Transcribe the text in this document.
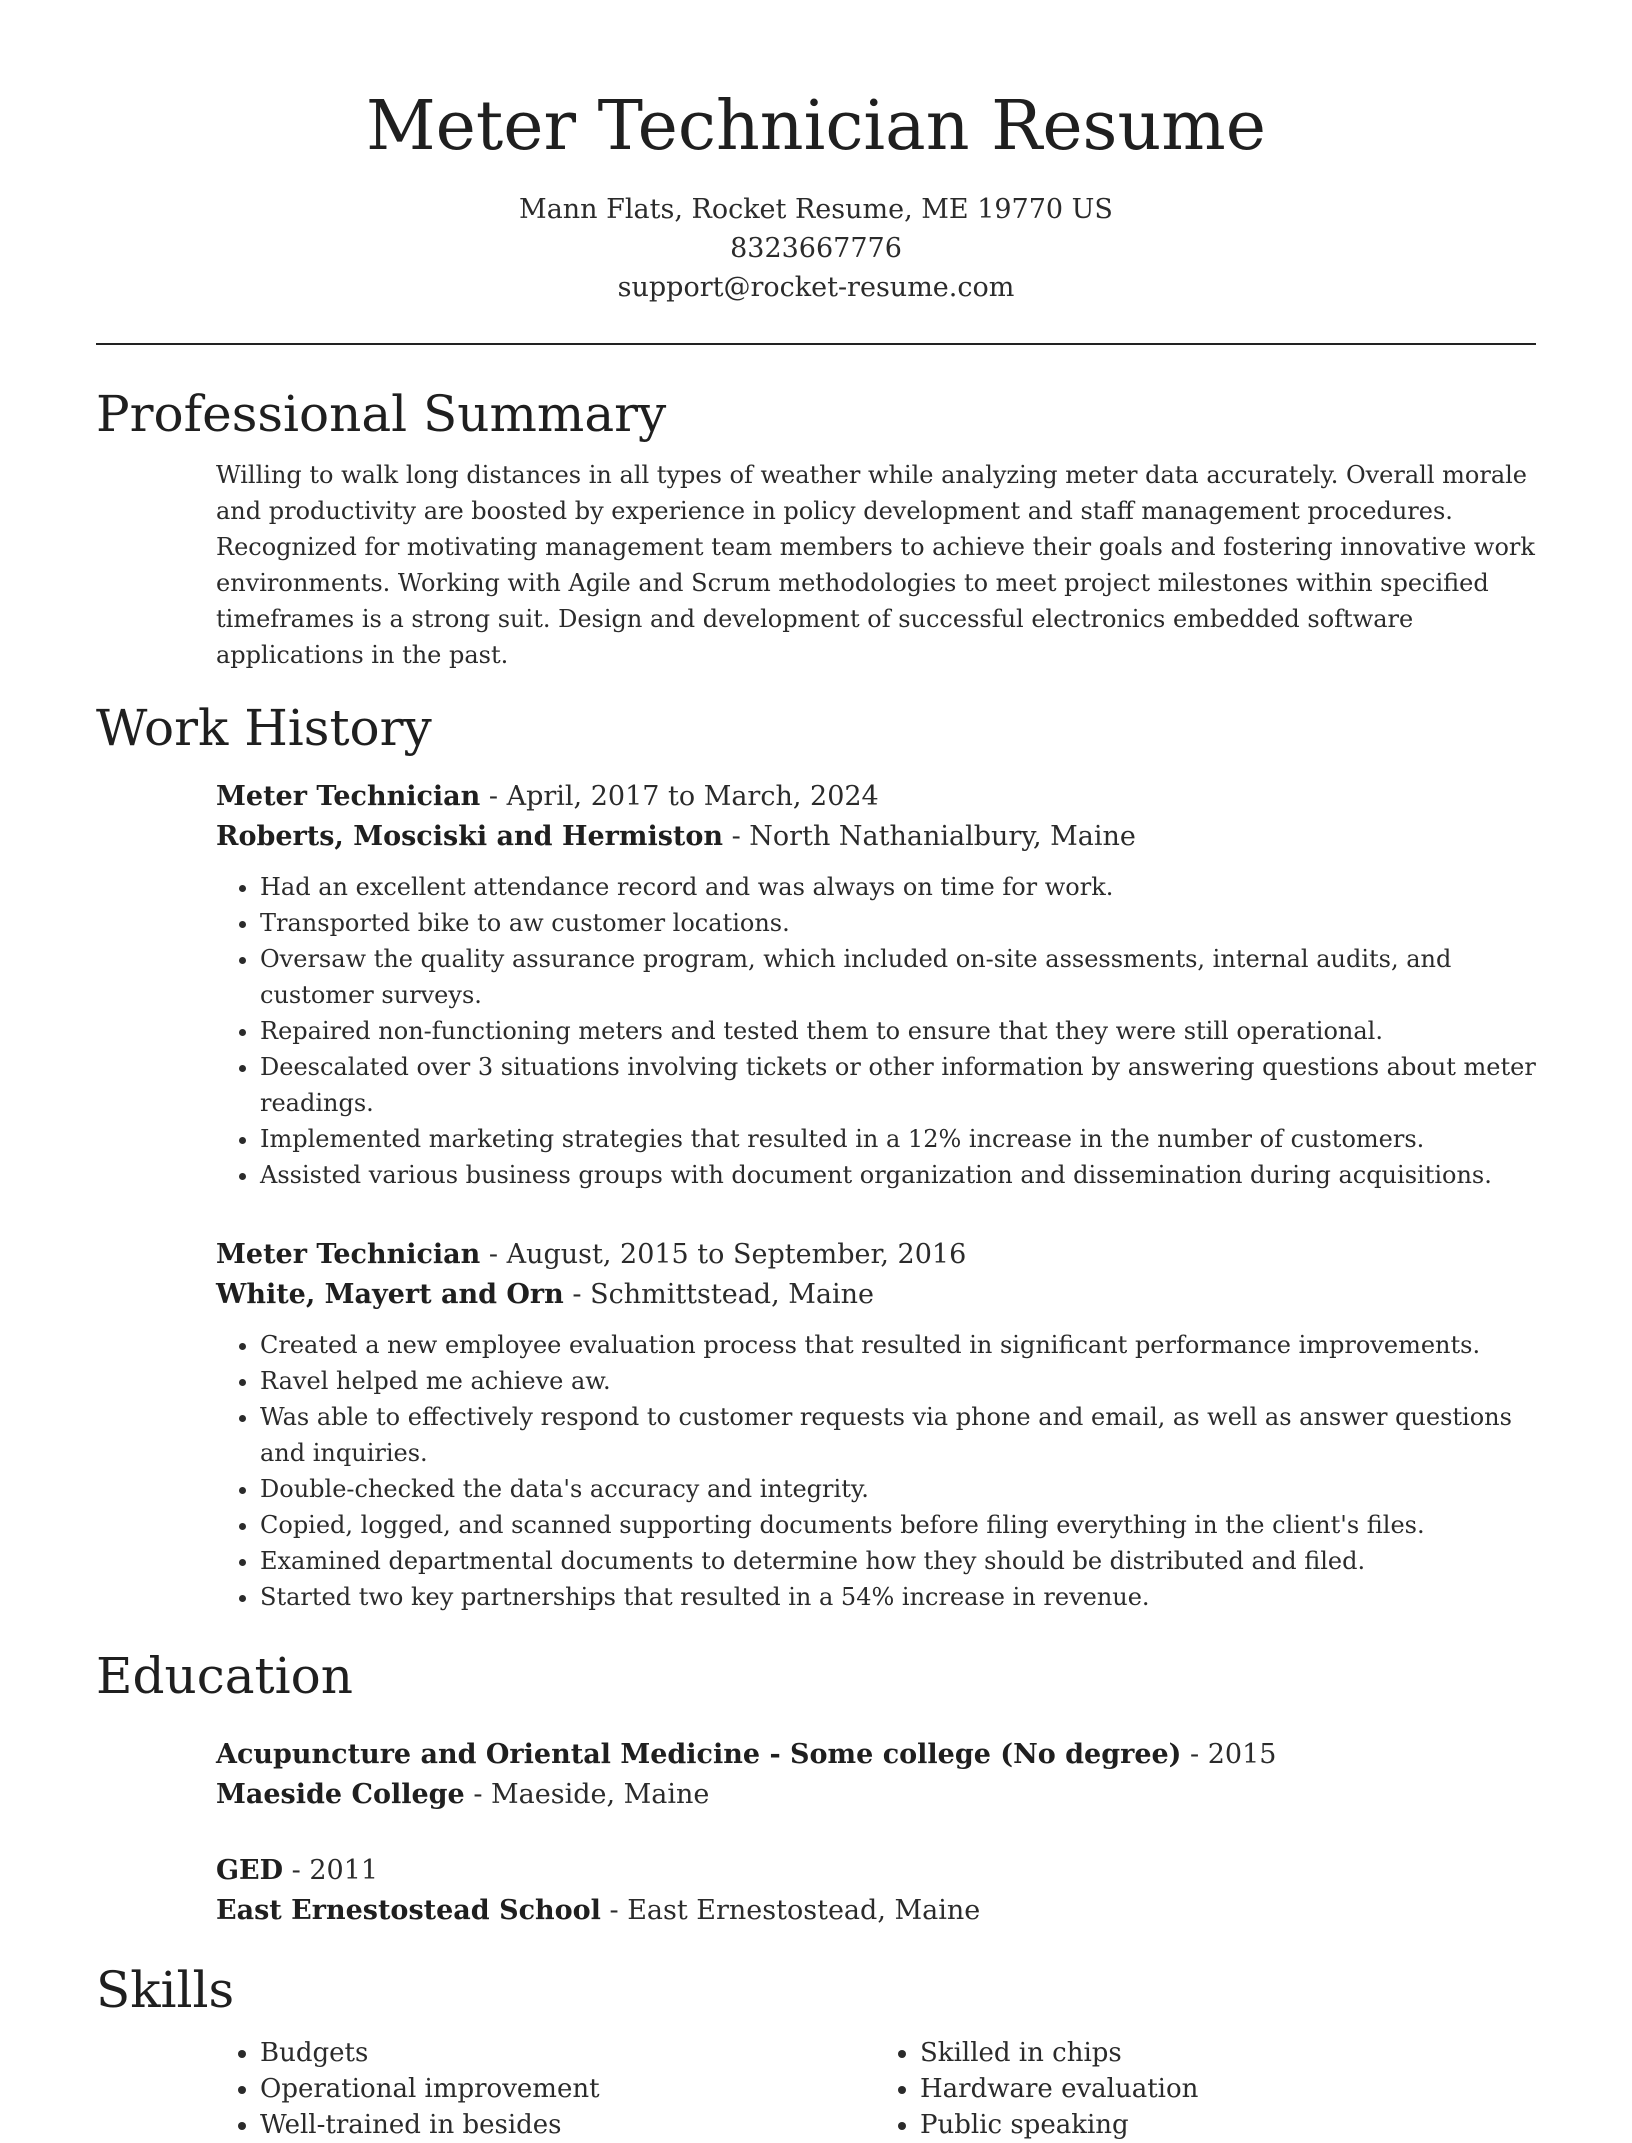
Meter Technician Resume
Mann Flats, Rocket Resume, ME 19770 US
8323667776
support@rocket-resume.com
Professional Summary
Willing to walk long distances in all types of weather while analyzing meter data accurately. Overall morale and productivity are boosted by experience in policy development and staff management procedures. Recognized for motivating management team members to achieve their goals and fostering innovative work environments. Working with Agile and Scrum methodologies to meet project milestones within specified timeframes is a strong suit. Design and development of successful electronics embedded software applications in the past.
Work History
Meter Technician - April, 2017 to March, 2024
Roberts, Mosciski and Hermiston - North Nathanialbury, Maine
• Had an excellent attendance record and was always on time for work.
• Transported bike to aw customer locations.
• Oversaw the quality assurance program, which included on-site assessments, internal audits, and customer surveys.
• Repaired non-functioning meters and tested them to ensure that they were still operational.
• Deescalated over 3 situations involving tickets or other information by answering questions about meter readings.
• Implemented marketing strategies that resulted in a 12% increase in the number of customers.
• Assisted various business groups with document organization and dissemination during acquisitions.
Meter Technician - August, 2015 to September, 2016
White, Mayert and Orn - Schmittstead, Maine
• Created a new employee evaluation process that resulted in significant performance improvements.
• Ravel helped me achieve aw.
• Was able to effectively respond to customer requests via phone and email, as well as answer questions and inquiries.
• Double-checked the data's accuracy and integrity.
• Copied, logged, and scanned supporting documents before filing everything in the client's files.
• Examined departmental documents to determine how they should be distributed and filed.
• Started two key partnerships that resulted in a 54% increase in revenue.
Education
Acupuncture and Oriental Medicine - Some college (No degree) - 2015
Maeside College - Maeside, Maine
GED - 2011
East Ernestostead School - East Ernestostead, Maine
Skills
• Budgets
• Operational improvement
• Well-trained in besides
• Skilled in chips
• Hardware evaluation
• Public speaking
